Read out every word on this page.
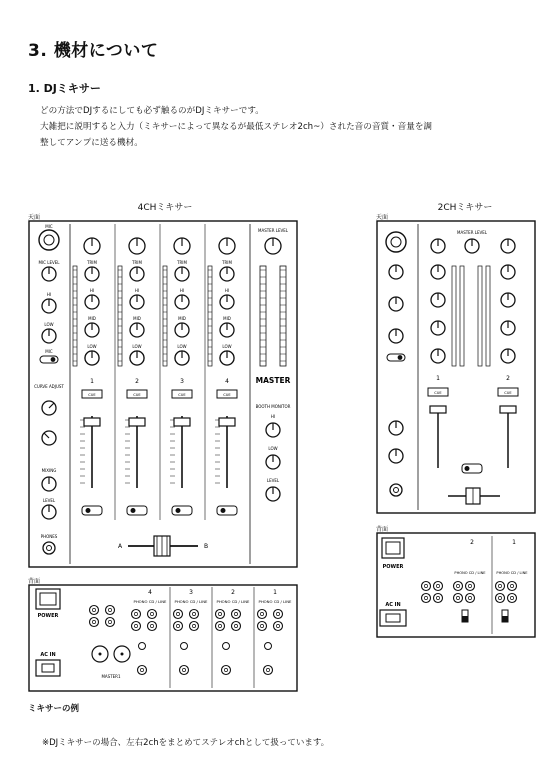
3. 機材について
1. DJミキサー
どの方法でDJするにしても必ず触るのがDJミキサーです。
大雑把に説明すると入力（ミキサーによって異なるが最低ステレオ2ch~）された音の音質・音量を調
整してアンプに送る機材。
4CHミキサー
天面
2CHミキサー
天面
MIC
MIC LEVEL
HI
LOW
MIC
CURVE ADJUST
MIXING
LEVEL
PHONES
TRIM
HI
MID
LOW
1
CUE
TRIM
HI
MID
LOW
2
CUE
TRIM
HI
MID
LOW
3
CUE
TRIM
HI
MID
LOW
4
CUE
MASTER LEVEL
MASTER
BOOTH MONITOR
HI
LOW
LEVEL
A	B
背面
POWER
AC IN
MASTER1
4	3	2	1
PHONO CD / LINE PHONO CD / LINE PHONO CD / LINE PHONO CD / LINE
MASTER LEVEL
1	2
CUE	CUE
背面
POWER
AC IN
2	1
PHONO CD / LINE	PHONO CD / LINE
ミキサーの例
※DJミキサーの場合、左右2chをまとめてステレオchとして扱っています。
